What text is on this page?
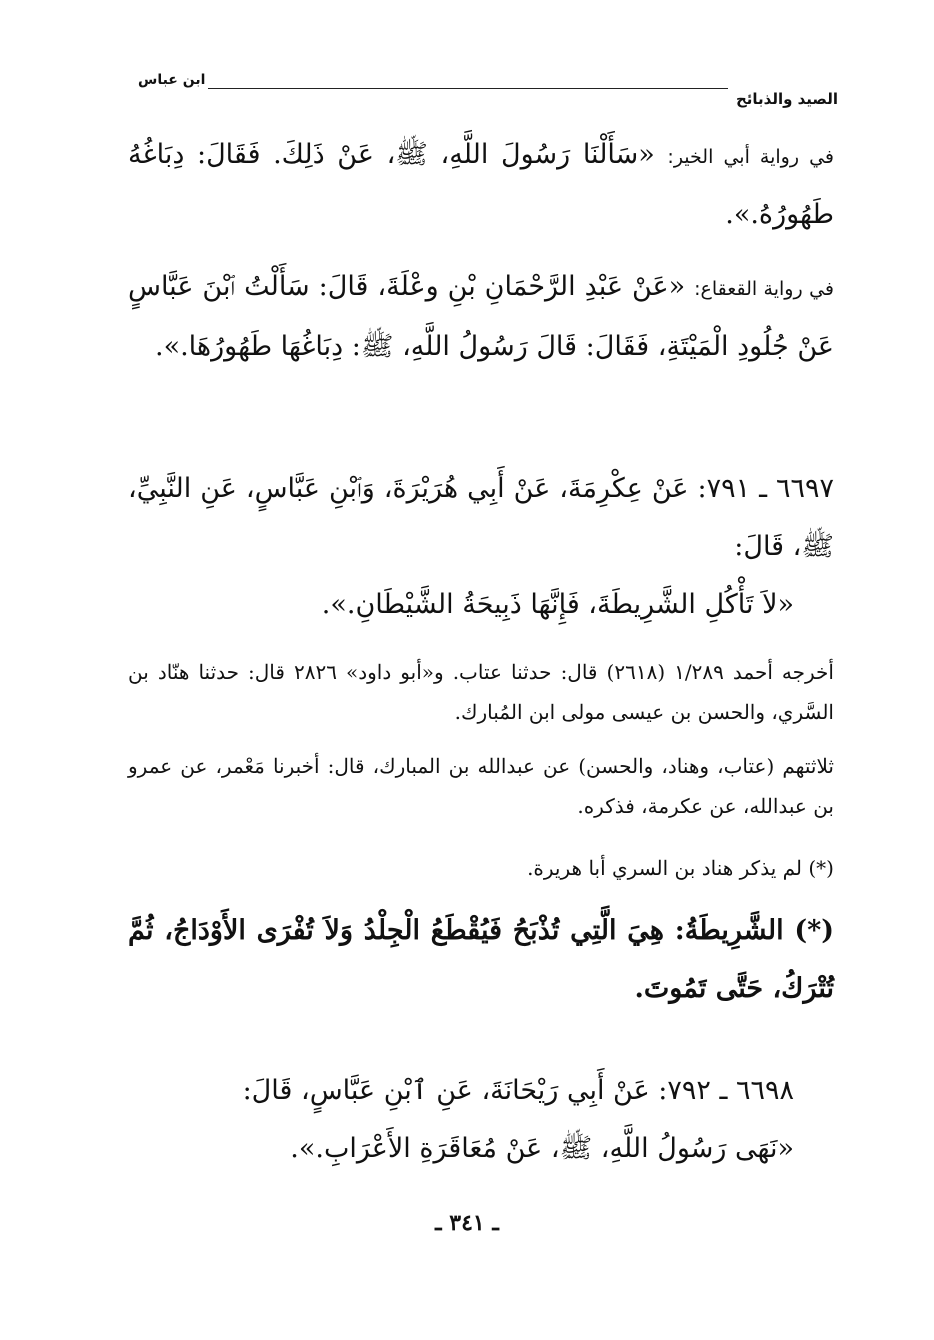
الصيد والذبائح
ابن عباس
في رواية أبي الخير: «سَأَلْنَا رَسُولَ اللَّهِ، ﷺ، عَنْ ذَلِكَ. فَقَالَ: دِبَاغُهُ طَهُورُهُ.».
في رواية القعقاع: «عَنْ عَبْدِ الرَّحْمَانِ بْنِ وعْلَةَ، قَالَ: سَأَلْتُ ٱبْنَ عَبَّاسٍ عَنْ جُلُودِ الْمَيْتَةِ، فَقَالَ: قَالَ رَسُولُ اللَّهِ، ﷺ: دِبَاغُهَا طَهُورُهَا.».
٦٦٩٧ ـ ٧٩١: عَنْ عِكْرِمَةَ، عَنْ أَبِي هُرَيْرَةَ، وَٱبْنِ عَبَّاسٍ، عَنِ النَّبِيِّ، ﷺ، قَالَ:
«لاَ تَأْكُلِ الشَّرِيطَةَ، فَإِنَّهَا ذَبِيحَةُ الشَّيْطَانِ.».
أخرجه أحمد ١/٢٨٩ (٢٦١٨) قال: حدثنا عتاب. و«أبو داود» ٢٨٢٦ قال: حدثنا هنّاد بن السَّري، والحسن بن عيسى مولى ابن المُبارك.
ثلاثتهم (عتاب، وهناد، والحسن) عن عبدالله بن المبارك، قال: أخبرنا مَعْمر، عن عمرو بن عبدالله، عن عكرمة، فذكره.
(*) لم يذكر هناد بن السري أبا هريرة.
(*) الشَّرِيطَةُ: هِيَ الَّتِي تُذْبَحُ فَيُقْطَعُ الْجِلْدُ وَلاَ تُفْرَى الأَوْدَاجُ، ثُمَّ تُتْرَكُ، حَتَّى تَمُوتَ.
٦٦٩٨ ـ ٧٩٢: عَنْ أَبِي رَيْحَانَةَ، عَنِ ٱبْنِ عَبَّاسٍ، قَالَ:
«نَهَى رَسُولُ اللَّهِ، ﷺ، عَنْ مُعَاقَرَةِ الأَعْرَابِ.».
ـ ٣٤١ ـ
